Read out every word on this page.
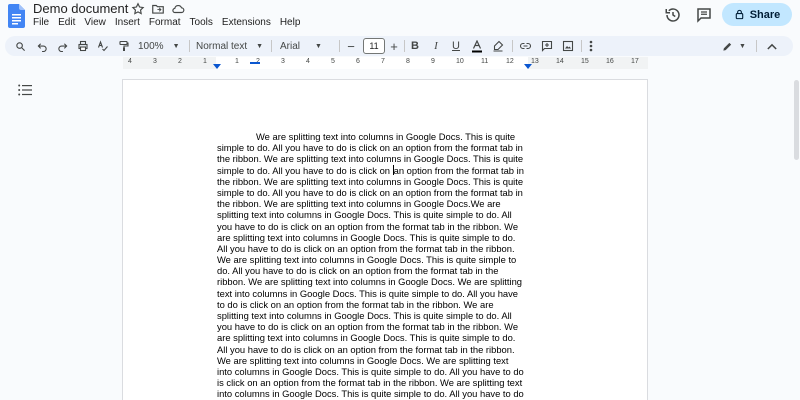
Demo document
File Edit View Insert Format Tools Extensions Help
Share
100% ▼ Normal text ▼ Arial ▼ −	11 + B I U	▼
4	3	2	1	1	3	4	5	6	7	8	9	10 11	12 13 14 15 16 17
We are splitting text into columns in Google Docs. This is quite
simple to do. All you have to do is click on an option from the format tab in
the ribbon. We are splitting text into columns in Google Docs. This is quite
simple to do. All you have to do is click on an option from the format tab in
the ribbon. We are splitting text into columns in Google Docs. This is quite
simple to do. All you have to do is click on an option from the format tab in
the ribbon. We are splitting text into columns in Google Docs.We are
splitting text into columns in Google Docs. This is quite simple to do. All
you have to do is click on an option from the format tab in the ribbon. We
are splitting text into columns in Google Docs. This is quite simple to do.
All you have to do is click on an option from the format tab in the ribbon.
We are splitting text into columns in Google Docs. This is quite simple to
do. All you have to do is click on an option from the format tab in the
ribbon. We are splitting text into columns in Google Docs. We are splitting
text into columns in Google Docs. This is quite simple to do. All you have
to do is click on an option from the format tab in the ribbon. We are
splitting text into columns in Google Docs. This is quite simple to do. All
you have to do is click on an option from the format tab in the ribbon. We
are splitting text into columns in Google Docs. This is quite simple to do.
All you have to do is click on an option from the format tab in the ribbon.
We are splitting text into columns in Google Docs. We are splitting text
into columns in Google Docs. This is quite simple to do. All you have to do
is click on an option from the format tab in the ribbon. We are splitting text
into columns in Google Docs. This is quite simple to do. All you have to do
